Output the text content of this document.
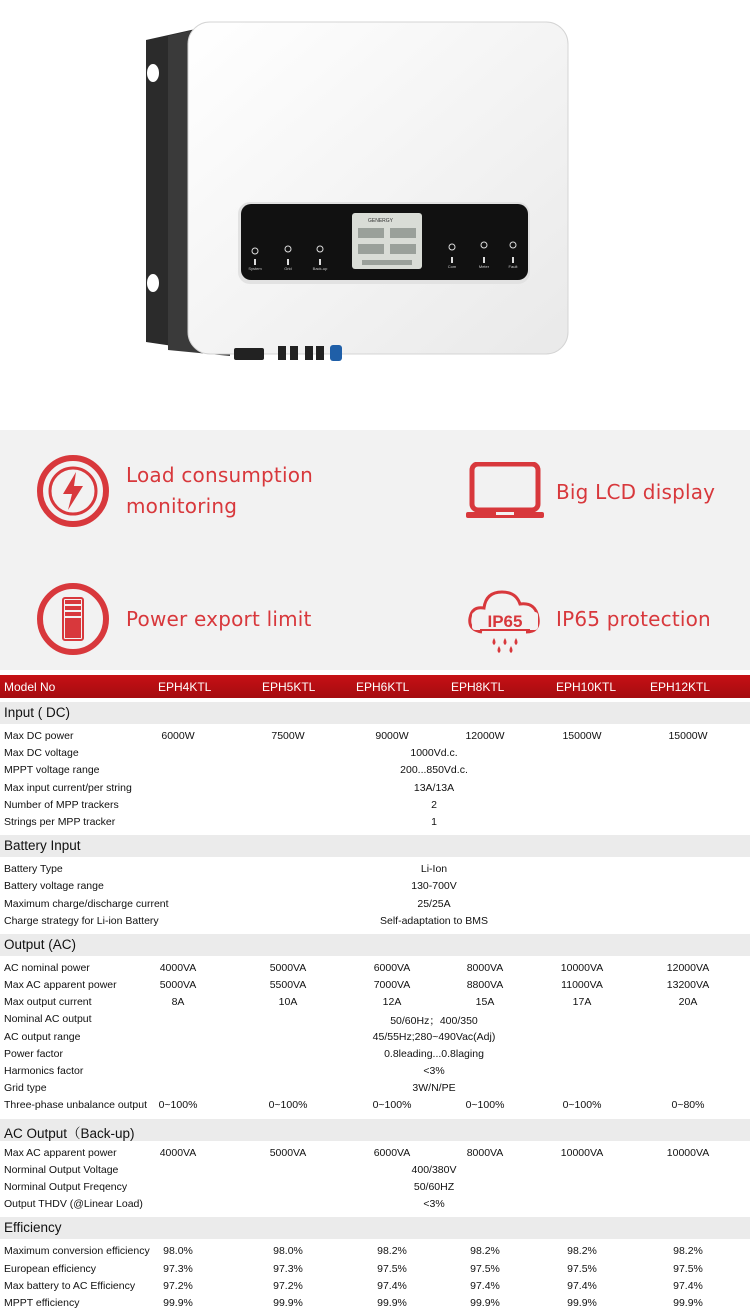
GENERGY
System	Grid	Back-up	Com	Meter	Fault
Load consumption
monitoring
Big LCD display
Power export limit	IP65 IP65 protection
Model No	EPH4KTL	EPH5KTL	EPH6KTL	EPH8KTL	EPH10KTL	EPH12KTL
Input ( DC)
Max DC power	6000W	7500W	9000W	12000W	15000W	15000W
Max DC voltage	1000Vd.c.
MPPT voltage range	200...850Vd.c.
Max input current/per string	13A/13A
Number of MPP trackers	2
Strings per MPP tracker	1
Battery Input
Battery Type	Li-Ion
Battery voltage range	130-700V
Maximum charge/discharge current	25/25A
Charge strategy for Li-ion Battery	Self-adaptation to BMS
Output (AC)
AC nominal power	4000VA	5000VA	6000VA	8000VA	10000VA	12000VA
Max AC apparent power	5000VA	5500VA	7000VA	8800VA	11000VA	13200VA
Max output current	8A	10A	12A	15A	17A	20A
Nominal AC output	50/60Hz；400/350
AC output range	45/55Hz;280~490Vac(Adj)
Power factor	0.8leading...0.8laging
Harmonics factor	<3%
Grid type	3W/N/PE
Three-phase unbalance output 0~100%	0~100%	0~100%	0~100%	0~100%	0~80%
AC Output（Back-up)
Max AC apparent power	4000VA	5000VA	6000VA	8000VA	10000VA	10000VA
Norminal Output Voltage	400/380V
Norminal Output Freqency	50/60HZ
Output THDV (@Linear Load)	<3%
Efficiency
Maximum conversion efficiency 98.0%	98.0%	98.2%	98.2%	98.2%	98.2%
European efficiency	97.3%	97.3%	97.5%	97.5%	97.5%	97.5%
Max battery to AC Efficiency	97.2%	97.2%	97.4%	97.4%	97.4%	97.4%
MPPT efficiency	99.9%	99.9%	99.9%	99.9%	99.9%	99.9%
